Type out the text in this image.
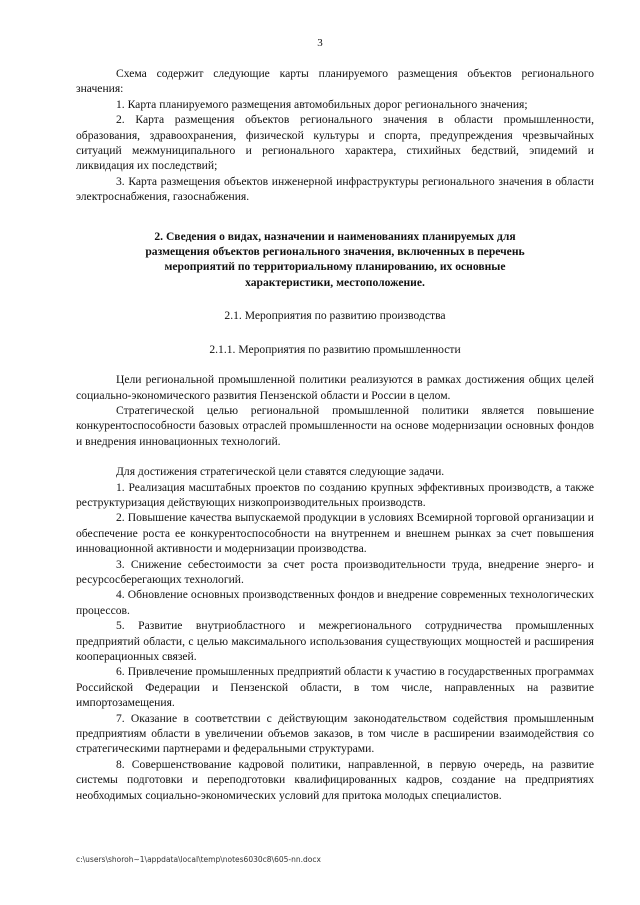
3

Схема содержит следующие карты планируемого размещения объектов регионального значения:

1. Карта планируемого размещения автомобильных дорог регионального значения;

2. Карта размещения объектов регионального значения в области промышленности, образования, здравоохранения, физической культуры и спорта, предупреждения чрезвычайных ситуаций межмуниципального и регионального характера, стихийных бедствий, эпидемий и ликвидация их последствий;

3. Карта размещения объектов инженерной инфраструктуры регионального значения в области электроснабжения, газоснабжения.

2. Сведения о видах, назначении и наименованиях планируемых для размещения объектов регионального значения, включенных в перечень мероприятий по территориальному планированию, их основные характеристики, местоположение.
2.1. Мероприятия по развитию производства
2.1.1. Мероприятия по развитию промышленности

Цели региональной промышленной политики реализуются в рамках достижения общих целей социально-экономического развития Пензенской области и России в целом.

Стратегической целью региональной промышленной политики является повышение конкурентоспособности базовых отраслей промышленности на основе модернизации основных фондов и внедрения инновационных технологий.

Для достижения стратегической цели ставятся следующие задачи.

1. Реализация масштабных проектов по созданию крупных эффективных производств, а также реструктуризация действующих низкопроизводительных производств.

2. Повышение качества выпускаемой продукции в условиях Всемирной торговой организации и обеспечение роста ее конкурентоспособности на внутреннем и внешнем рынках за счет повышения инновационной активности и модернизации производства.

3. Снижение себестоимости за счет роста производительности труда, внедрение энерго- и ресурсосберегающих технологий.

4. Обновление основных производственных фондов и внедрение современных технологических процессов.

5. Развитие внутриобластного и межрегионального сотрудничества промышленных предприятий области, с целью максимального использования существующих мощностей и расширения кооперационных связей.

6. Привлечение промышленных предприятий области к участию в государственных программах Российской Федерации и Пензенской области, в том числе, направленных на развитие импортозамещения.

7. Оказание в соответствии с действующим законодательством содействия промышленным предприятиям области в увеличении объемов заказов, в том числе в расширении взаимодействия со стратегическими партнерами и федеральными структурами.

8. Совершенствование кадровой политики, направленной, в первую очередь, на развитие системы подготовки и переподготовки квалифицированных кадров, создание на предприятиях необходимых социально-экономических условий для притока молодых специалистов.

c:\users\shoroh~1\appdata\local\temp\notes6030c8\605-nn.docx
